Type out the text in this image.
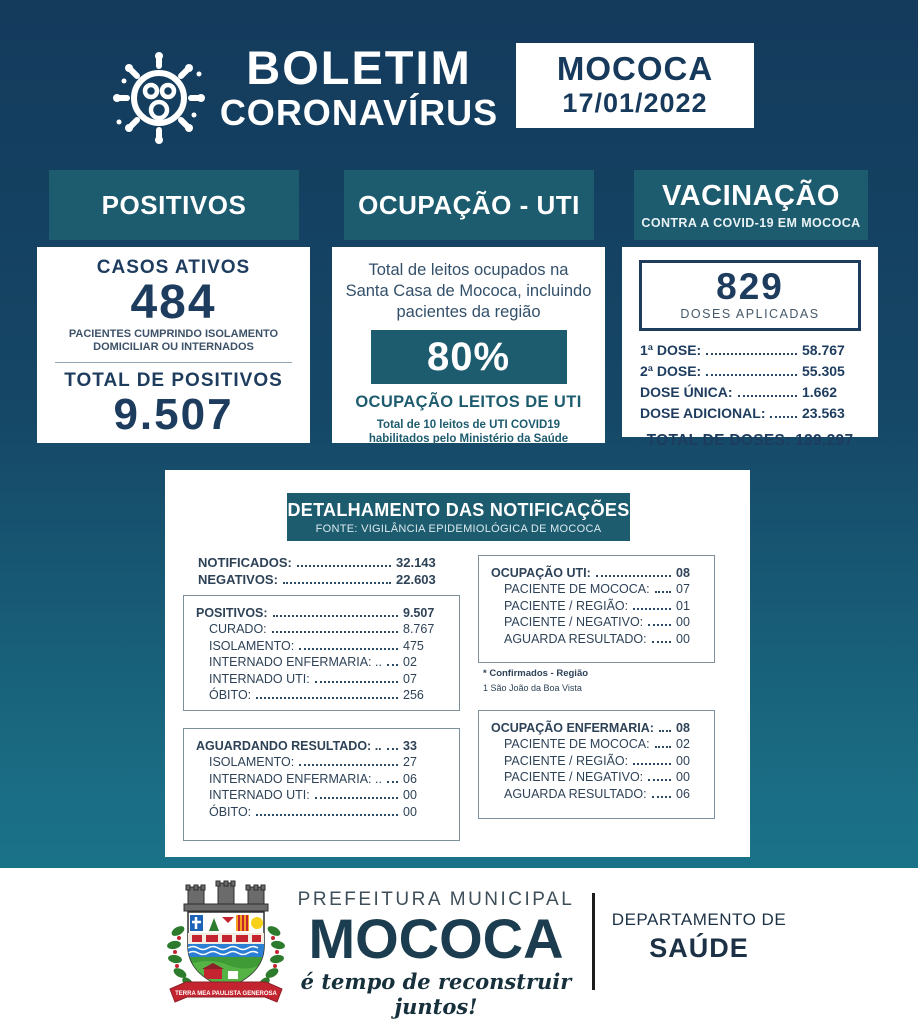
BOLETIM
CORONAVÍRUS
MOCOCA
17/01/2022
POSITIVOS
CASOS ATIVOS
484
PACIENTES CUMPRINDO ISOLAMENTO DOMICILIAR OU INTERNADOS
TOTAL DE POSITIVOS
9.507
OCUPAÇÃO - UTI
Total de leitos ocupados na Santa Casa de Mococa, incluindo pacientes da região
80%
OCUPAÇÃO LEITOS DE UTI
Total de 10 leitos de UTI COVID19 habilitados pelo Ministério da Saúde
VACINAÇÃO
CONTRA A COVID-19 EM MOCOCA
829
DOSES APLICADAS
1ª DOSE:	58.767
2ª DOSE:	55.305
DOSE ÚNICA:	1.662
DOSE ADICIONAL:	23.563
TOTAL DE DOSES: 139.297
DETALHAMENTO DAS NOTIFICAÇÕES
FONTE: VIGILÂNCIA EPIDEMIOLÓGICA DE MOCOCA
NOTIFICADOS:	32.143
NEGATIVOS:	22.603
POSITIVOS:	9.507
CURADO:	8.767
ISOLAMENTO:	475
INTERNADO ENFERMARIA: .. 02
INTERNADO UTI:	07
ÓBITO:	256
AGUARDANDO RESULTADO: .. 33
ISOLAMENTO:	27
INTERNADO ENFERMARIA: .. 06
INTERNADO UTI:	00
ÓBITO:	00
OCUPAÇÃO UTI:	08
PACIENTE DE MOCOCA: 07
PACIENTE / REGIÃO:	01
PACIENTE / NEGATIVO:	00
AGUARDA RESULTADO: 00
* Confirmados - Região
1 São João da Boa Vista
OCUPAÇÃO ENFERMARIA: 08
PACIENTE DE MOCOCA: 02
PACIENTE / REGIÃO:	00
PACIENTE / NEGATIVO:	00
AGUARDA RESULTADO: 06
TERRA MEA PAULISTA GENEROSA
PREFEITURA MUNICIPAL
MOCOCA
é tempo de reconstruir juntos!
DEPARTAMENTO DE
SAÚDE
